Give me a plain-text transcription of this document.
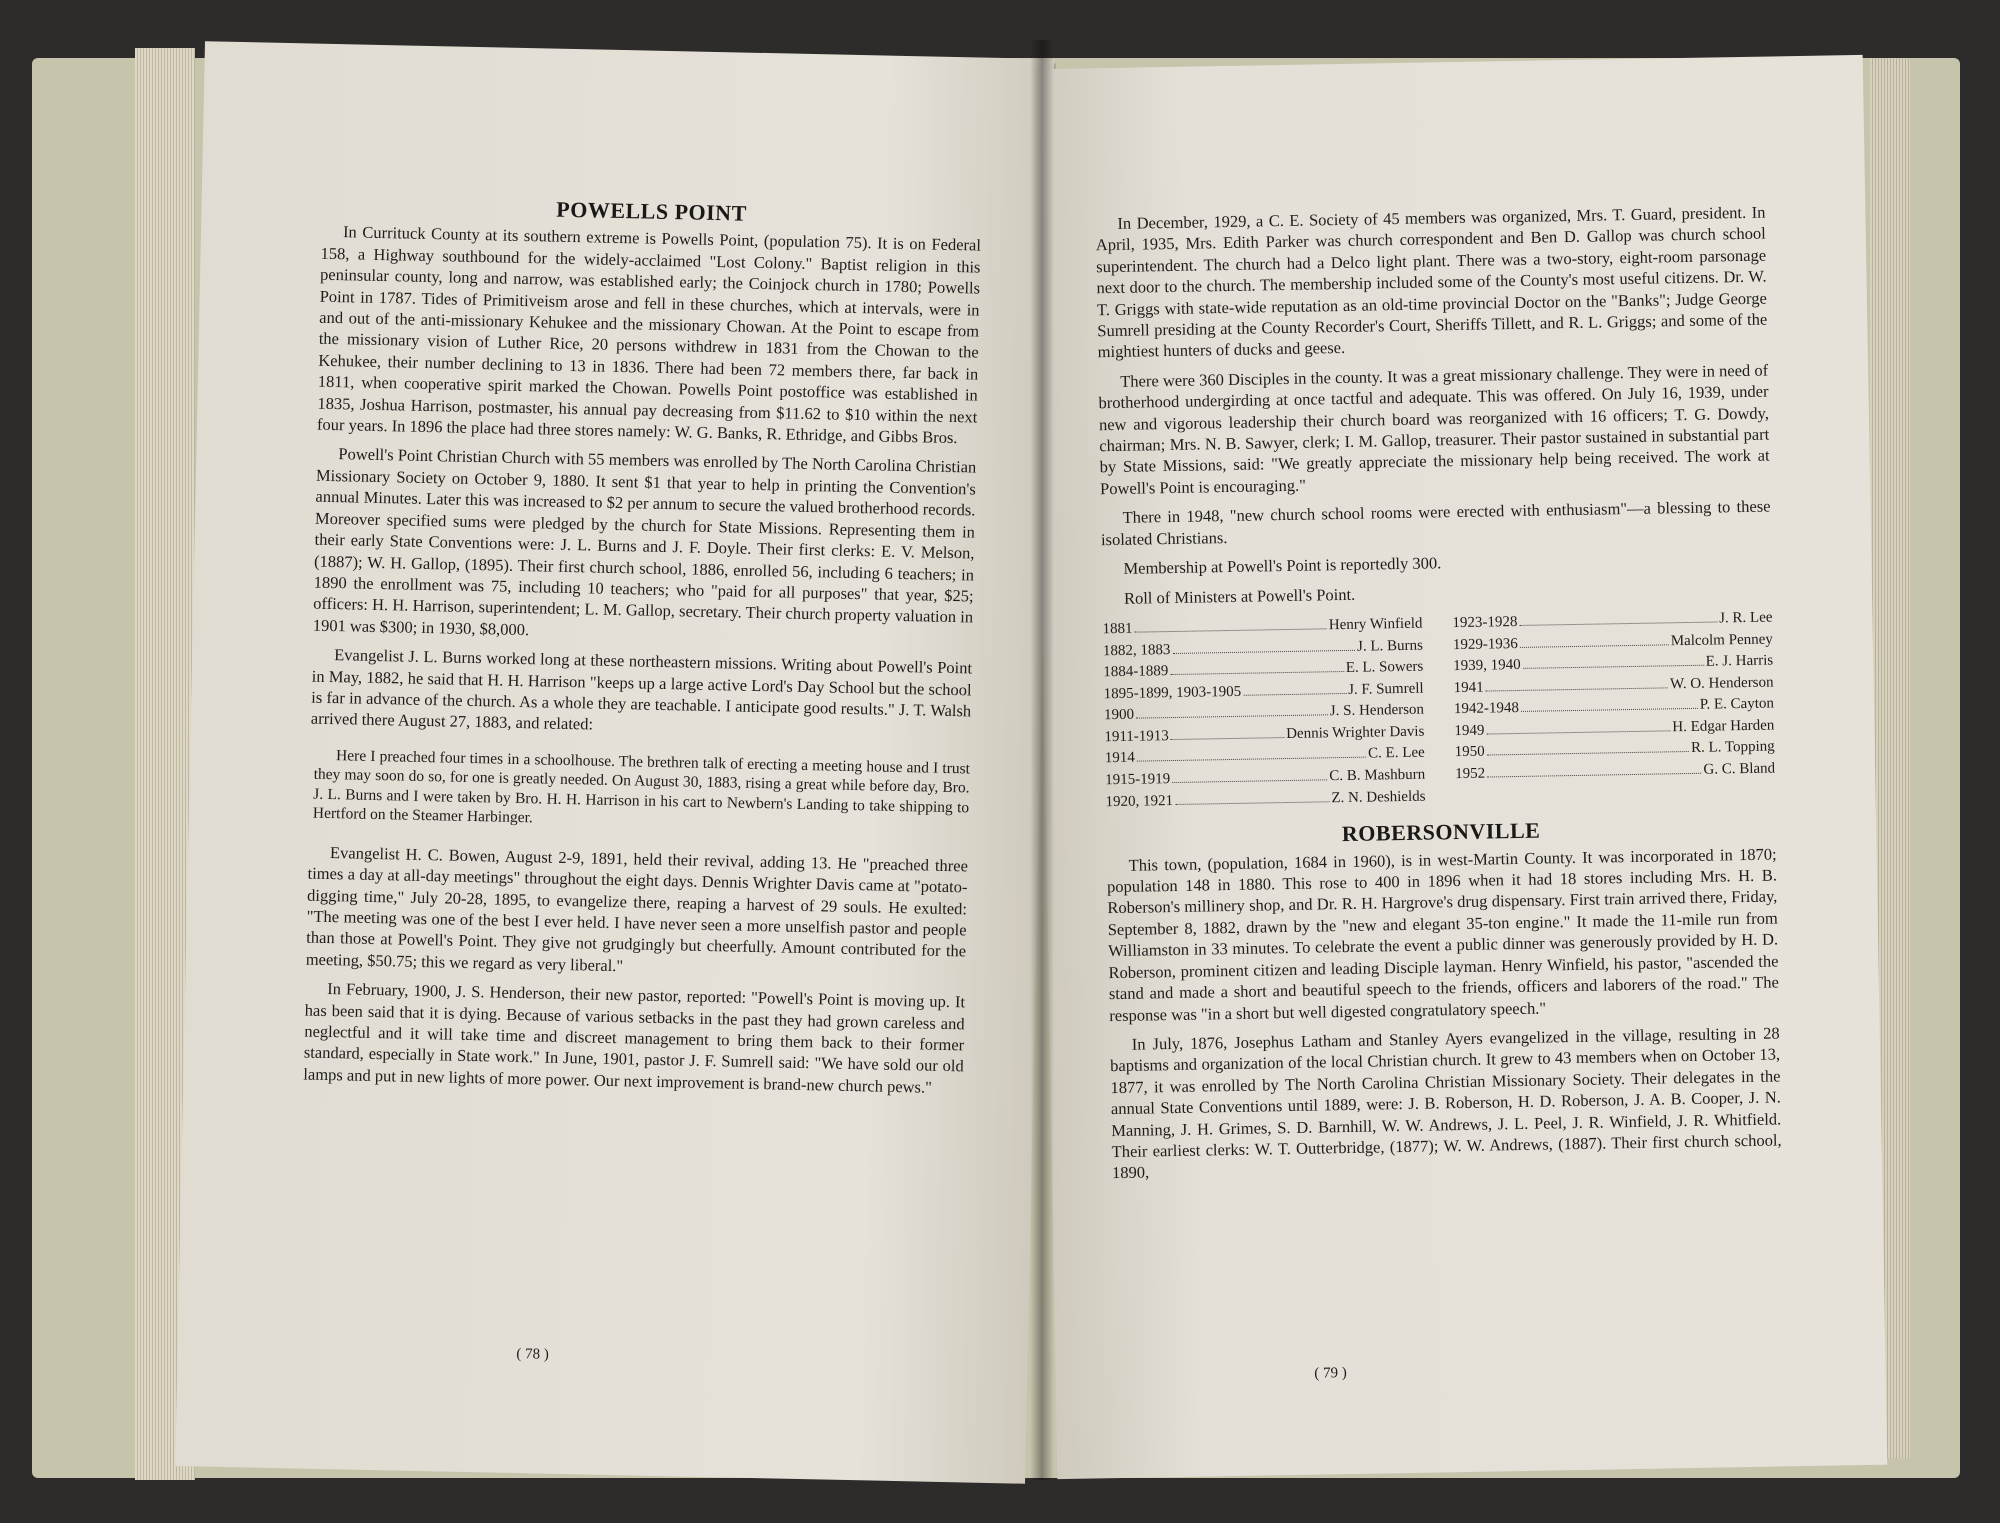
POWELLS POINT

In Currituck County at its southern extreme is Powells Point, (population 75). It is on Federal 158, a Highway southbound for the widely-acclaimed "Lost Colony." Baptist religion in this peninsular county, long and narrow, was established early; the Coinjock church in 1780; Powells Point in 1787. Tides of Primitiveism arose and fell in these churches, which at intervals, were in and out of the anti-missionary Kehukee and the missionary Chowan. At the Point to escape from the missionary vision of Luther Rice, 20 persons withdrew in 1831 from the Chowan to the Kehukee, their number declining to 13 in 1836. There had been 72 members there, far back in 1811, when cooperative spirit marked the Chowan. Powells Point postoffice was established in 1835, Joshua Harrison, postmaster, his annual pay decreasing from $11.62 to $10 within the next four years. In 1896 the place had three stores namely: W. G. Banks, R. Ethridge, and Gibbs Bros.

Powell's Point Christian Church with 55 members was enrolled by The North Carolina Christian Missionary Society on October 9, 1880. It sent $1 that year to help in printing the Convention's annual Minutes. Later this was increased to $2 per annum to secure the valued brotherhood records. Moreover specified sums were pledged by the church for State Missions. Representing them in their early State Conventions were: J. L. Burns and J. F. Doyle. Their first clerks: E. V. Melson, (1887); W. H. Gallop, (1895). Their first church school, 1886, enrolled 56, including 6 teachers; in 1890 the enrollment was 75, including 10 teachers; who "paid for all purposes" that year, $25; officers: H. H. Harrison, superintendent; L. M. Gallop, secretary. Their church property valuation in 1901 was $300; in 1930, $8,000.

Evangelist J. L. Burns worked long at these northeastern missions. Writing about Powell's Point in May, 1882, he said that H. H. Harrison "keeps up a large active Lord's Day School but the school is far in advance of the church. As a whole they are teachable. I anticipate good results." J. T. Walsh arrived there August 27, 1883, and related:

Here I preached four times in a schoolhouse. The brethren talk of erecting a meeting house and I trust they may soon do so, for one is greatly needed. On August 30, 1883, rising a great while before day, Bro. J. L. Burns and I were taken by Bro. H. H. Harrison in his cart to Newbern's Landing to take shipping to Hertford on the Steamer Harbinger.

Evangelist H. C. Bowen, August 2-9, 1891, held their revival, adding 13. He "preached three times a day at all-day meetings" throughout the eight days. Dennis Wrighter Davis came at "potato-digging time," July 20-28, 1895, to evangelize there, reaping a harvest of 29 souls. He exulted: "The meeting was one of the best I ever held. I have never seen a more unselfish pastor and people than those at Powell's Point. They give not grudgingly but cheerfully. Amount contributed for the meeting, $50.75; this we regard as very liberal."

In February, 1900, J. S. Henderson, their new pastor, reported: "Powell's Point is moving up. It has been said that it is dying. Because of various setbacks in the past they had grown careless and neglectful and it will take time and discreet management to bring them back to their former standard, especially in State work." In June, 1901, pastor J. F. Sumrell said: "We have sold our old lamps and put in new lights of more power. Our next improvement is brand-new church pews."

( 78 )

In December, 1929, a C. E. Society of 45 members was organized, Mrs. T. Guard, president. In April, 1935, Mrs. Edith Parker was church correspondent and Ben D. Gallop was church school superintendent. The church had a Delco light plant. There was a two-story, eight-room parsonage next door to the church. The membership included some of the County's most useful citizens. Dr. W. T. Griggs with state-wide reputation as an old-time provincial Doctor on the "Banks"; Judge George Sumrell presiding at the County Recorder's Court, Sheriffs Tillett, and R. L. Griggs; and some of the mightiest hunters of ducks and geese.

There were 360 Disciples in the county. It was a great missionary challenge. They were in need of brotherhood undergirding at once tactful and adequate. This was offered. On July 16, 1939, under new and vigorous leadership their church board was reorganized with 16 officers; T. G. Dowdy, chairman; Mrs. N. B. Sawyer, clerk; I. M. Gallop, treasurer. Their pastor sustained in substantial part by State Missions, said: "We greatly appreciate the missionary help being received. The work at Powell's Point is encouraging."

There in 1948, "new church school rooms were erected with enthusiasm"—a blessing to these isolated Christians.

Membership at Powell's Point is reportedly 300.

Roll of Ministers at Powell's Point.

1881	Henry Winfield
1882, 1883	J. L. Burns
1884-1889	E. L. Sowers
1895-1899, 1903-1905	J. F. Sumrell
1900	J. S. Henderson
1911-1913	Dennis Wrighter Davis
1914	C. E. Lee
1915-1919	C. B. Mashburn
1920, 1921	Z. N. Deshields
1923-1928	J. R. Lee
1929-1936	Malcolm Penney
1939, 1940	E. J. Harris
1941	W. O. Henderson
1942-1948	P. E. Cayton
1949	H. Edgar Harden
1950	R. L. Topping
1952	G. C. Bland
ROBERSONVILLE

This town, (population, 1684 in 1960), is in west-Martin County. It was incorporated in 1870; population 148 in 1880. This rose to 400 in 1896 when it had 18 stores including Mrs. H. B. Roberson's millinery shop, and Dr. R. H. Hargrove's drug dispensary. First train arrived there, Friday, September 8, 1882, drawn by the "new and elegant 35-ton engine." It made the 11-mile run from Williamston in 33 minutes. To celebrate the event a public dinner was generously provided by H. D. Roberson, prominent citizen and leading Disciple layman. Henry Winfield, his pastor, "ascended the stand and made a short and beautiful speech to the friends, officers and laborers of the road." The response was "in a short but well digested congratulatory speech."

In July, 1876, Josephus Latham and Stanley Ayers evangelized in the village, resulting in 28 baptisms and organization of the local Christian church. It grew to 43 members when on October 13, 1877, it was enrolled by The North Carolina Christian Missionary Society. Their delegates in the annual State Conventions until 1889, were: J. B. Roberson, H. D. Roberson, J. A. B. Cooper, J. N. Manning, J. H. Grimes, S. D. Barnhill, W. W. Andrews, J. L. Peel, J. R. Winfield, J. R. Whitfield. Their earliest clerks: W. T. Outterbridge, (1877); W. W. Andrews, (1887). Their first church school, 1890,

( 79 )
